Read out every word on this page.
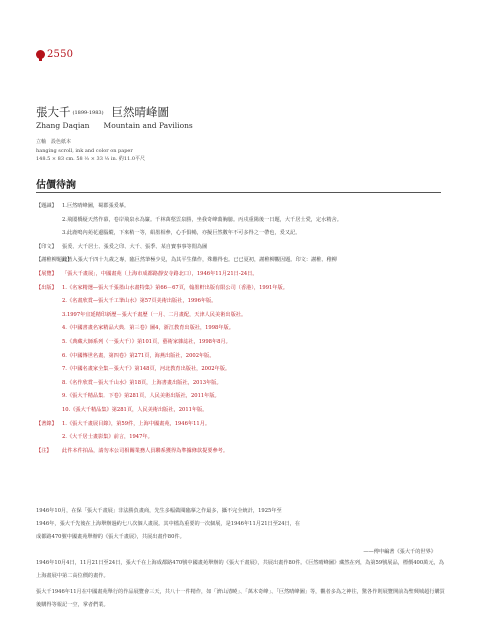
2550
張大千 (1899-1983) 巨然晴峰圖
Zhang Daqian Mountain and Pavilions
立軸　設色紙本
hanging scroll, ink and color on paper
148.5 × 83 cm. 58 ¹⁄₂ × 33 ¹⁄₂ in. 約11.0平尺
估價待詢
【題識】	1.巨然晴峰圖，蜀郡張爰摹。
2.飛閣橋疑天然作幕，卷岸飛泉水為簾。千林萬壑雲泉勝，坐我奇峰蕩胸臆。丙戌重陽後一日題，大千居士愛，定水精舍。
3.此鹿鳴內苑花邊腦縱，下來稍一等，絹墨相參，心手俱暢，亦擬巨然數年不可多得之一帶也，爰又記。
【印文】	張爰、大千居士、張爰之印、大千、張季、某自寶事事等閒為圖
【謝稚柳題跋】
此皆入張大千四十九歲之專，臨巨然筆極少見，為其平生傑作，殊難得也。已已夏初，謝稚柳觀因題。印文：謝稚、稚柳
【展覽】	「張大千畫展」，中國畫苑（上海市成都路靜安寺路北口），1946年11月21日-24日。
【出版】	1.《名家精選—張大千張墨山水畫特集》第66－67頁，翰墨軒出版有限公司（香港），1991年版。
2.《名畫欣賞—張大千工筆山水》第57頁美術出版社，1996年版。
3.1997年宜延精印新歷－張大千畫歷（一月、二月畫配，天津人民美術出版社。
4.《中國書畫名家精品大典．第三卷》圖4，浙江教育出版社，1998年版。
5.《典藏大師系列（一張大千）》第101頁，藝術家雜誌社，1998年8月。
6.《中國傳世名畫，第四卷》第271頁，海燕出版社，2002年版。
7.《中國名畫家全集－張大千》第148頁，河北教育出版社，2002年版。
8.《名作欣賞－張大千山水》第18頁，上海書畫出版社，2013年版。
9.《張大千精品集．下卷》第281頁，人民美術出版社，2011年版。
10.《張大千精品集》第281頁，人民美術出版社，2011年版。
【著錄】	1.《張大千畫展目錄》，第59件，上海中國畫苑，1946年11月。
2.《大千居士畫影集》前言，1947年。
【注】	此件本件拍品，請勿本公司相關業務人員聯系獲得為準據條款提要參考。

1946年10月，在保「張大千畫展」非法勝負畫商，先生多幅做閱臨摹之作最多，攝不完全統計，1925年至

1946年，張大千先後在上海舉辦過約七八次個人畫展。其中檔為重要的一次個展，是1946年11月21日至24日，在

成都路470號中國畫苑舉辦的《張大千畫展》，共展出畫作80件。

——傅申編著《張大千的世界》

1946年10月4日，11月21日至24日，張大千在上海成都路470號中國畫苑舉辦的《張大千畫展》，共展出畫作80件。《巨然晴峰圖》藏然在列，為第59號展品，標價400萬元，為上海畫展中第二高位價的畫作。

張大千1946年11月在中國畫苑舉行的作品展覽會三天，共八十一件精作，如「濟山清曉」、「萬木奇峰」、「巨然晴峰圖」等，觀者多為之神往，驚各作則展覽開前為聖興城超行購買後購得等報記一空，掌者們業。
